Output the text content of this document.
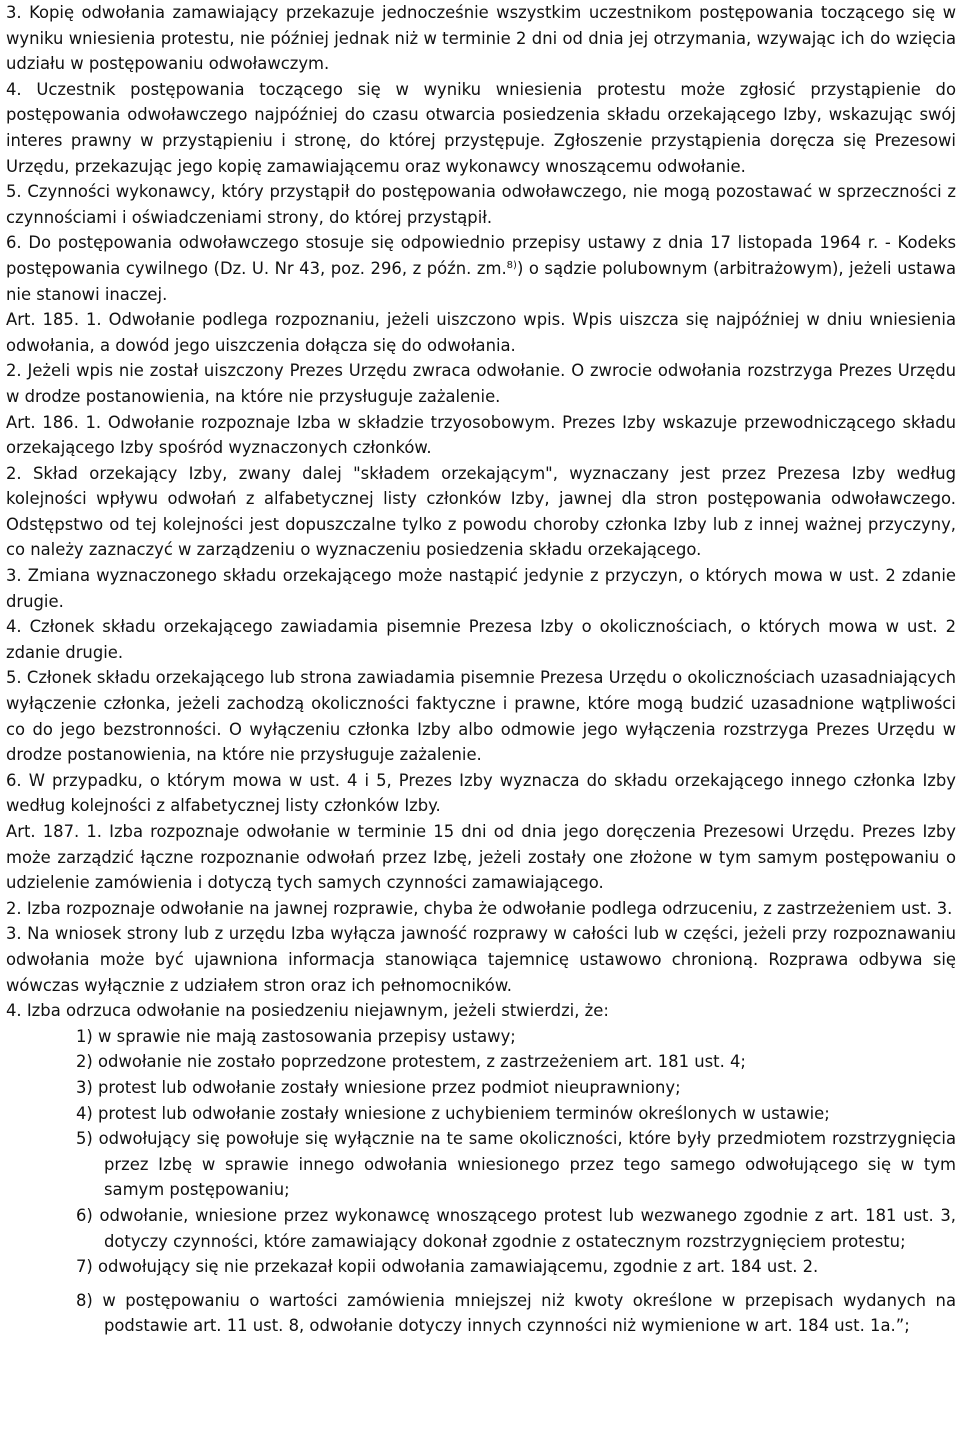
3. Kopię odwołania zamawiający przekazuje jednocześnie wszystkim uczestnikom postępowania toczącego się w wyniku wniesienia protestu, nie później jednak niż w terminie 2 dni od dnia jej otrzymania, wzywając ich do wzięcia udziału w postępowaniu odwoławczym.

4. Uczestnik postępowania toczącego się w wyniku wniesienia protestu może zgłosić przystąpienie do postępowania odwoławczego najpóźniej do czasu otwarcia posiedzenia składu orzekającego Izby, wskazując swój interes prawny w przystąpieniu i stronę, do której przystępuje. Zgłoszenie przystąpienia doręcza się Prezesowi Urzędu, przekazując jego kopię zamawiającemu oraz wykonawcy wnoszącemu odwołanie.

5. Czynności wykonawcy, który przystąpił do postępowania odwoławczego, nie mogą pozostawać w sprzeczności z czynnościami i oświadczeniami strony, do której przystąpił.

6. Do postępowania odwoławczego stosuje się odpowiednio przepisy ustawy z dnia 17 listopada 1964 r. - Kodeks postępowania cywilnego (Dz. U. Nr 43, poz. 296, z późn. zm.$^{8)}$) o sądzie polubownym (arbitrażowym), jeżeli ustawa nie stanowi inaczej.

Art. 185. 1. Odwołanie podlega rozpoznaniu, jeżeli uiszczono wpis. Wpis uiszcza się najpóźniej w dniu wniesienia odwołania, a dowód jego uiszczenia dołącza się do odwołania.

2. Jeżeli wpis nie został uiszczony Prezes Urzędu zwraca odwołanie. O zwrocie odwołania rozstrzyga Prezes Urzędu w drodze postanowienia, na które nie przysługuje zażalenie.

Art. 186. 1. Odwołanie rozpoznaje Izba w składzie trzyosobowym. Prezes Izby wskazuje przewodniczącego składu orzekającego Izby spośród wyznaczonych członków.

2. Skład orzekający Izby, zwany dalej "składem orzekającym", wyznaczany jest przez Prezesa Izby według kolejności wpływu odwołań z alfabetycznej listy członków Izby, jawnej dla stron postępowania odwoławczego. Odstępstwo od tej kolejności jest dopuszczalne tylko z powodu choroby członka Izby lub z innej ważnej przyczyny, co należy zaznaczyć w zarządzeniu o wyznaczeniu posiedzenia składu orzekającego.

3. Zmiana wyznaczonego składu orzekającego może nastąpić jedynie z przyczyn, o których mowa w ust. 2 zdanie drugie.

4. Członek składu orzekającego zawiadamia pisemnie Prezesa Izby o okolicznościach, o których mowa w ust. 2 zdanie drugie.

5. Członek składu orzekającego lub strona zawiadamia pisemnie Prezesa Urzędu o okolicznościach uzasadniających wyłączenie członka, jeżeli zachodzą okoliczności faktyczne i prawne, które mogą budzić uzasadnione wątpliwości co do jego bezstronności. O wyłączeniu członka Izby albo odmowie jego wyłączenia rozstrzyga Prezes Urzędu w drodze postanowienia, na które nie przysługuje zażalenie.

6. W przypadku, o którym mowa w ust. 4 i 5, Prezes Izby wyznacza do składu orzekającego innego członka Izby według kolejności z alfabetycznej listy członków Izby.

Art. 187. 1. Izba rozpoznaje odwołanie w terminie 15 dni od dnia jego doręczenia Prezesowi Urzędu. Prezes Izby może zarządzić łączne rozpoznanie odwołań przez Izbę, jeżeli zostały one złożone w tym samym postępowaniu o udzielenie zamówienia i dotyczą tych samych czynności zamawiającego.

2. Izba rozpoznaje odwołanie na jawnej rozprawie, chyba że odwołanie podlega odrzuceniu, z zastrzeżeniem ust. 3.

3. Na wniosek strony lub z urzędu Izba wyłącza jawność rozprawy w całości lub w części, jeżeli przy rozpoznawaniu odwołania może być ujawniona informacja stanowiąca tajemnicę ustawowo chronioną. Rozprawa odbywa się wówczas wyłącznie z udziałem stron oraz ich pełnomocników.

4. Izba odrzuca odwołanie na posiedzeniu niejawnym, jeżeli stwierdzi, że:

1) w sprawie nie mają zastosowania przepisy ustawy;

2) odwołanie nie zostało poprzedzone protestem, z zastrzeżeniem art. 181 ust. 4;

3) protest lub odwołanie zostały wniesione przez podmiot nieuprawniony;

4) protest lub odwołanie zostały wniesione z uchybieniem terminów określonych w ustawie;

5) odwołujący się powołuje się wyłącznie na te same okoliczności, które były przedmiotem rozstrzygnięcia przez Izbę w sprawie innego odwołania wniesionego przez tego samego odwołującego się w tym samym postępowaniu;

6) odwołanie, wniesione przez wykonawcę wnoszącego protest lub wezwanego zgodnie z art. 181 ust. 3, dotyczy czynności, które zamawiający dokonał zgodnie z ostatecznym rozstrzygnięciem protestu;

7) odwołujący się nie przekazał kopii odwołania zamawiającemu, zgodnie z art. 184 ust. 2.

8) w postępowaniu o wartości zamówienia mniejszej niż kwoty określone w przepisach wydanych na podstawie art. 11 ust. 8, odwołanie dotyczy innych czynności niż wymienione w art. 184 ust. 1a.”;
